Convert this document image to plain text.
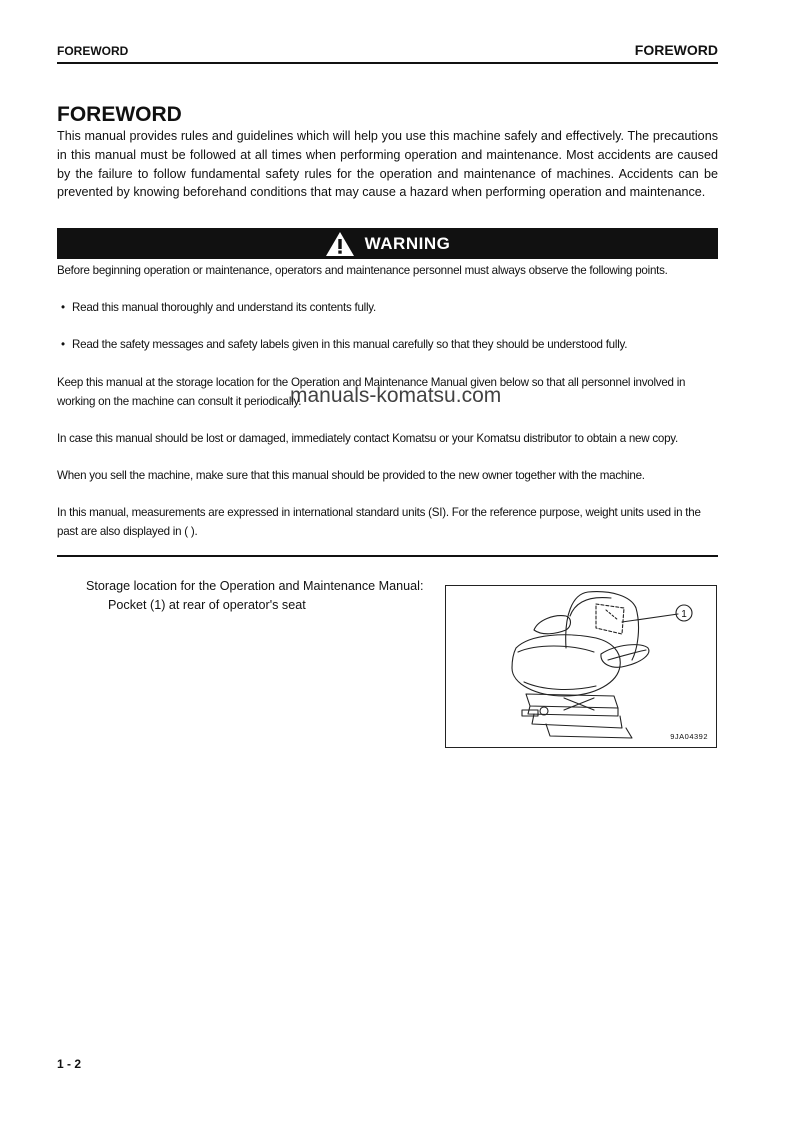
FOREWORD	FOREWORD
FOREWORD

This manual provides rules and guidelines which will help you use this machine safely and effectively. The precautions in this manual must be followed at all times when performing operation and maintenance. Most accidents are caused by the failure to follow fundamental safety rules for the operation and maintenance of machines. Accidents can be prevented by knowing beforehand conditions that may cause a hazard when performing operation and maintenance.

WARNING

Before beginning operation or maintenance, operators and maintenance personnel must always observe the following points.

• Read this manual thoroughly and understand its contents fully.

• Read the safety messages and safety labels given in this manual carefully so that they should be understood fully.

Keep this manual at the storage location for the Operation and Maintenance Manual given below so that all personnel involved in working on the machine can consult it periodically.

In case this manual should be lost or damaged, immediately contact Komatsu or your Komatsu distributor to obtain a new copy.

When you sell the machine, make sure that this manual should be provided to the new owner together with the machine.

In this manual, measurements are expressed in international standard units (SI). For the reference purpose, weight units used in the past are also displayed in ( ).

manuals-komatsu.com

Storage location for the Operation and Maintenance Manual:
Pocket (1) at rear of operator's seat

1
9JA04392
1 - 2
